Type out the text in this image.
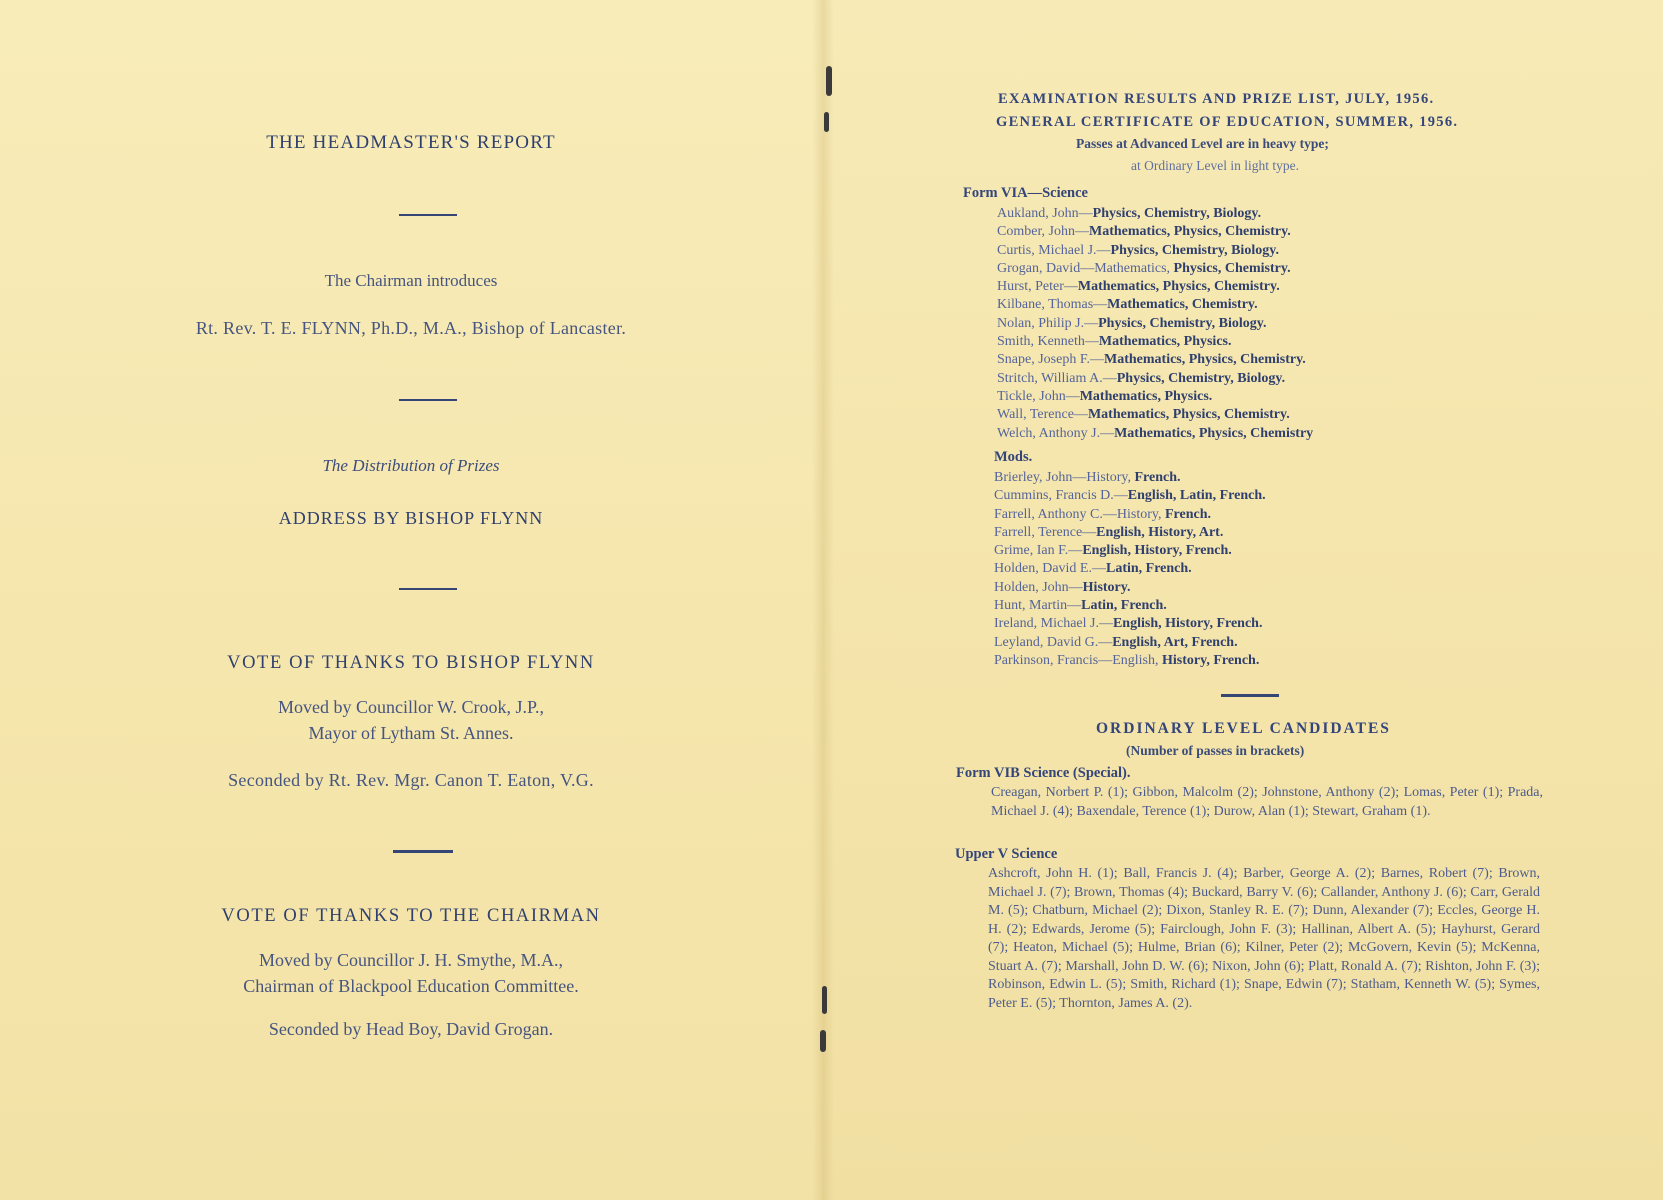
THE HEADMASTER'S REPORT
The Chairman introduces
Rt. Rev. T. E. FLYNN, Ph.D., M.A., Bishop of Lancaster.
The Distribution of Prizes
ADDRESS BY BISHOP FLYNN
VOTE OF THANKS TO BISHOP FLYNN
Moved by Councillor W. Crook, J.P.,
Mayor of Lytham St. Annes.
Seconded by Rt. Rev. Mgr. Canon T. Eaton, V.G.
VOTE OF THANKS TO THE CHAIRMAN
Moved by Councillor J. H. Smythe, M.A.,
Chairman of Blackpool Education Committee.
Seconded by Head Boy, David Grogan.
EXAMINATION RESULTS AND PRIZE LIST, JULY, 1956.
GENERAL CERTIFICATE OF EDUCATION, SUMMER, 1956.
Passes at Advanced Level are in heavy type;
at Ordinary Level in light type.
Form VIA—Science
Aukland, John—Physics, Chemistry, Biology.
Comber, John—Mathematics, Physics, Chemistry.
Curtis, Michael J.—Physics, Chemistry, Biology.
Grogan, David—Mathematics, Physics, Chemistry.
Hurst, Peter—Mathematics, Physics, Chemistry.
Kilbane, Thomas—Mathematics, Chemistry.
Nolan, Philip J.—Physics, Chemistry, Biology.
Smith, Kenneth—Mathematics, Physics.
Snape, Joseph F.—Mathematics, Physics, Chemistry.
Stritch, William A.—Physics, Chemistry, Biology.
Tickle, John—Mathematics, Physics.
Wall, Terence—Mathematics, Physics, Chemistry.
Welch, Anthony J.—Mathematics, Physics, Chemistry
Mods.
Brierley, John—History, French.
Cummins, Francis D.—English, Latin, French.
Farrell, Anthony C.—History, French.
Farrell, Terence—English, History, Art.
Grime, Ian F.—English, History, French.
Holden, David E.—Latin, French.
Holden, John—History.
Hunt, Martin—Latin, French.
Ireland, Michael J.—English, History, French.
Leyland, David G.—English, Art, French.
Parkinson, Francis—English, History, French.
ORDINARY LEVEL CANDIDATES
(Number of passes in brackets)
Form VIB Science (Special).
Creagan, Norbert P. (1); Gibbon, Malcolm (2); Johnstone, Anthony (2); Lomas, Peter (1); Prada, Michael J. (4); Baxendale, Terence (1); Durow, Alan (1); Stewart, Graham (1).
Upper V Science
Ashcroft, John H. (1); Ball, Francis J. (4); Barber, George A. (2); Barnes, Robert (7); Brown, Michael J. (7); Brown, Thomas (4); Buckard, Barry V. (6); Callander, Anthony J. (6); Carr, Gerald M. (5); Chatburn, Michael (2); Dixon, Stanley R. E. (7); Dunn, Alexander (7); Eccles, George H. H. (2); Edwards, Jerome (5); Fairclough, John F. (3); Hallinan, Albert A. (5); Hayhurst, Gerard (7); Heaton, Michael (5); Hulme, Brian (6); Kilner, Peter (2); McGovern, Kevin (5); McKenna, Stuart A. (7); Marshall, John D. W. (6); Nixon, John (6); Platt, Ronald A. (7); Rishton, John F. (3); Robinson, Edwin L. (5); Smith, Richard (1); Snape, Edwin (7); Statham, Kenneth W. (5); Symes, Peter E. (5); Thornton, James A. (2).
